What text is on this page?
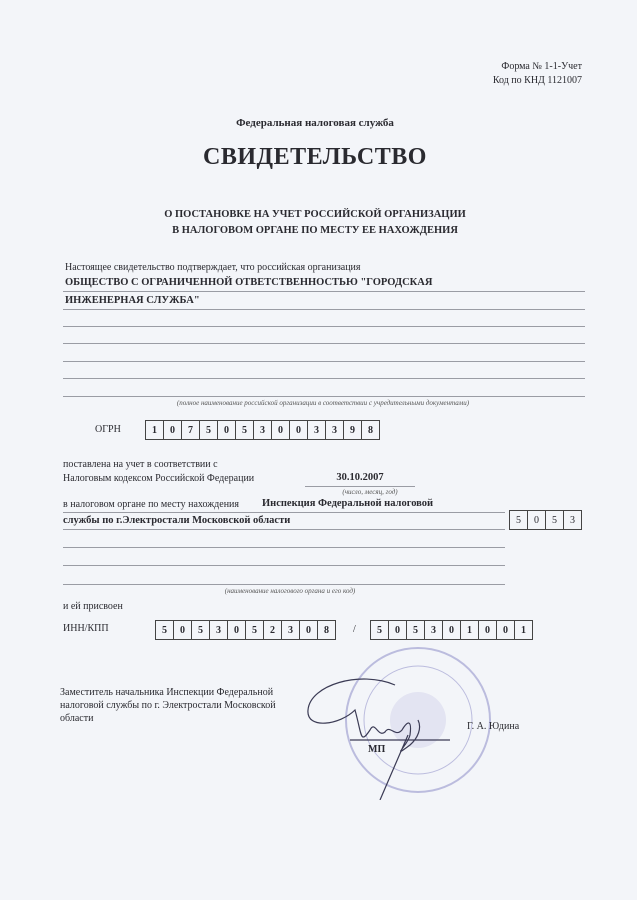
Форма № 1-1-Учет
Код по КНД 1121007
Федеральная налоговая служба
СВИДЕТЕЛЬСТВО
О ПОСТАНОВКЕ НА УЧЕТ РОССИЙСКОЙ ОРГАНИЗАЦИИ
В НАЛОГОВОМ ОРГАНЕ ПО МЕСТУ ЕЕ НАХОЖДЕНИЯ
Настоящее свидетельство подтверждает, что российская организация
ОБЩЕСТВО С ОГРАНИЧЕННОЙ ОТВЕТСТВЕННОСТЬЮ "ГОРОДСКАЯ
ИНЖЕНЕРНАЯ СЛУЖБА"
(полное наименование российской организации в соответствии с учредительными документами)
ОГРН	1	0	7	5	0	5	3	0	0	3	3	9	8
поставлена на учет в соответствии с
Налоговым кодексом Российской Федерации	30.10.2007
(число, месяц, год)
в налоговом органе по месту нахождения Инспекция Федеральной налоговой
службы по г.Электростали Московской области	5	0	5	3
(наименование налогового органа и его код)
и ей присвоен
ИНН/КПП	5	0	5	3	0	5	2	3	0	8	/	5	0	5	3	0	1	0	0	1
Заместитель начальника Инспекции Федеральной
налоговой службы по г. Электростали Московской
области
МП
Г. А. Юдина
